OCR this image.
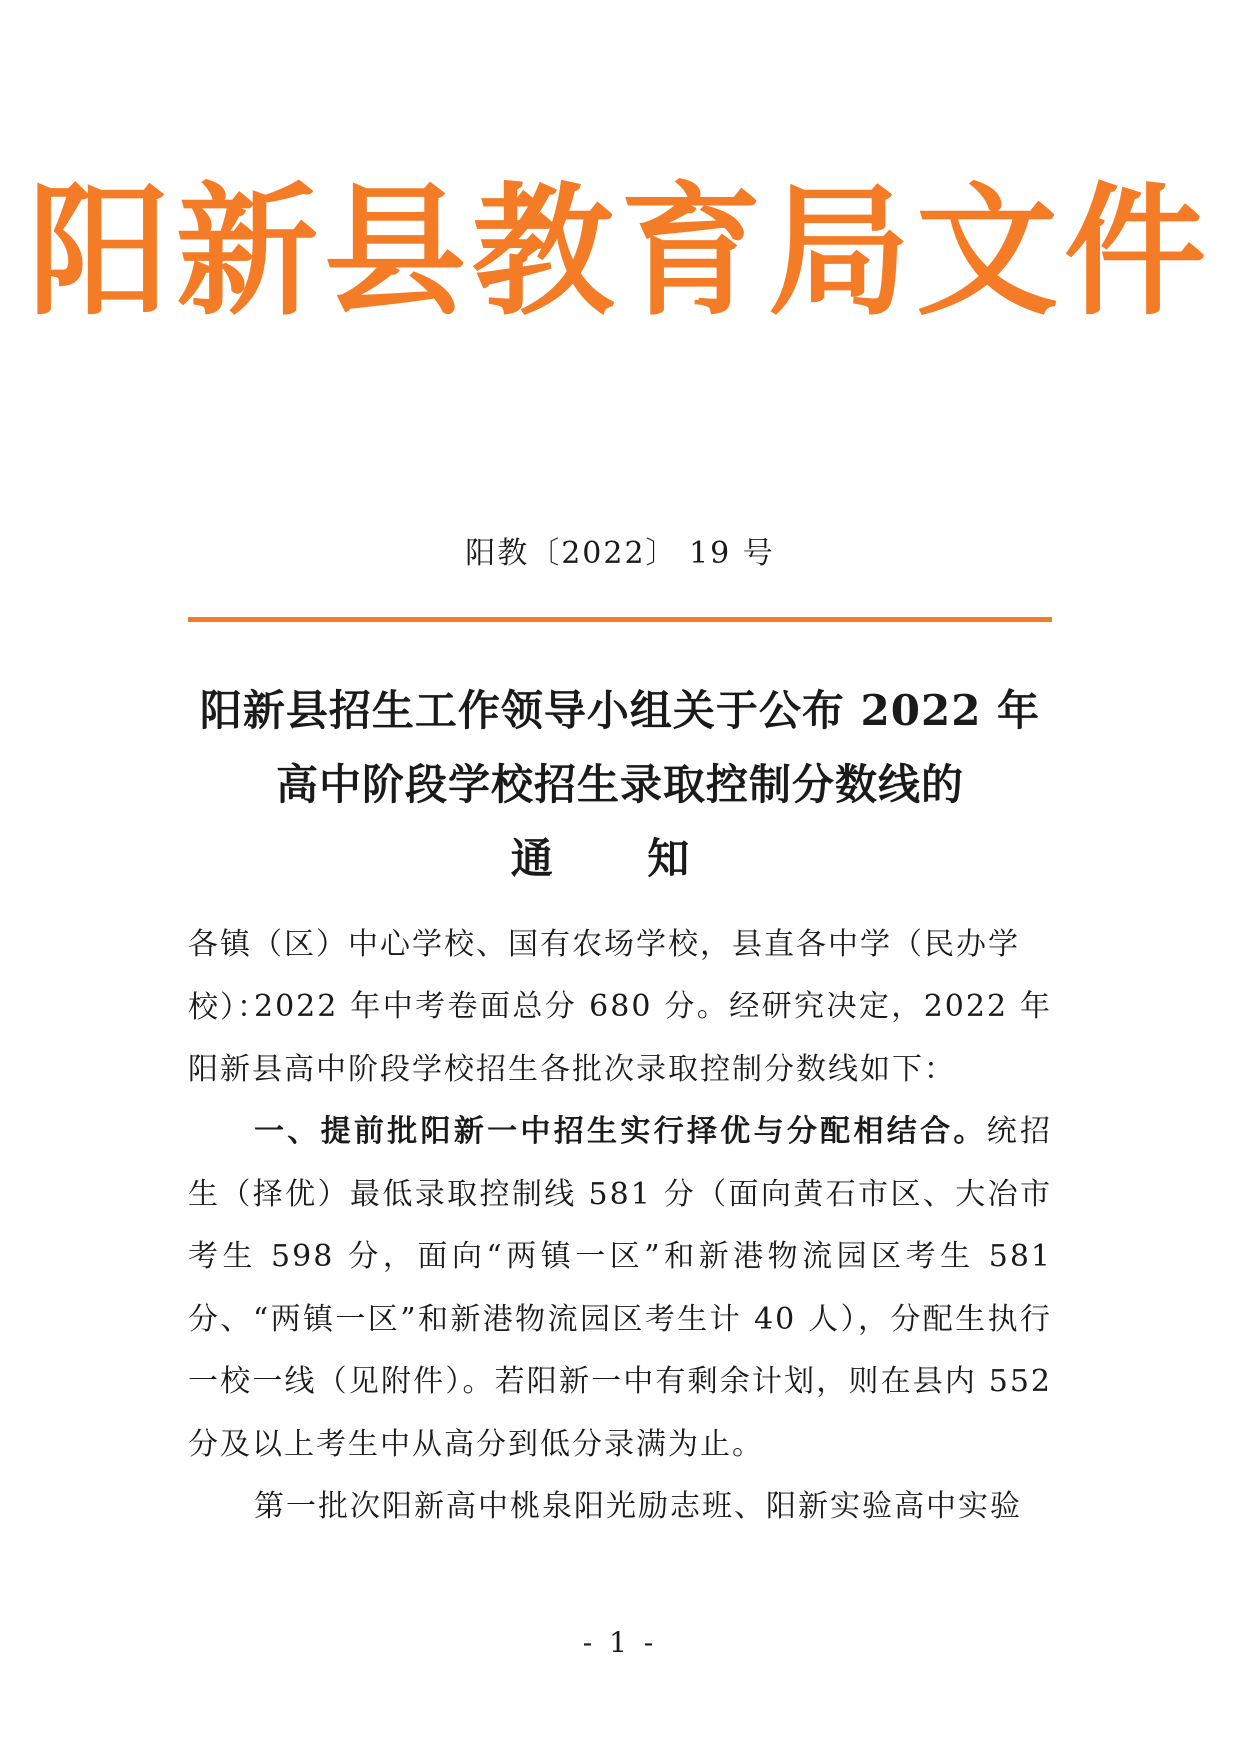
阳新县教育局文件
阳教〔2022〕 19 号
阳新县招生工作领导小组关于公布 2022 年
高中阶段学校招生录取控制分数线的
通 知
各镇（区）中心学校、国有农场学校，县直各中学（民办学校）：

2022 年中考卷面总分 680 分。经研究决定，2022 年阳新县高中阶段学校招生各批次录取控制分数线如下：

一、提前批阳新一中招生实行择优与分配相结合。统招生（择优）最低录取控制线 581 分（面向黄石市区、大冶市考生 598 分，面向“两镇一区”和新港物流园区考生 581 分、“两镇一区”和新港物流园区考生计 40 人），分配生执行一校一线（见附件）。若阳新一中有剩余计划，则在县内 552 分及以上考生中从高分到低分录满为止。

第一批次阳新高中桃泉阳光励志班、阳新实验高中实验

- 1 -
